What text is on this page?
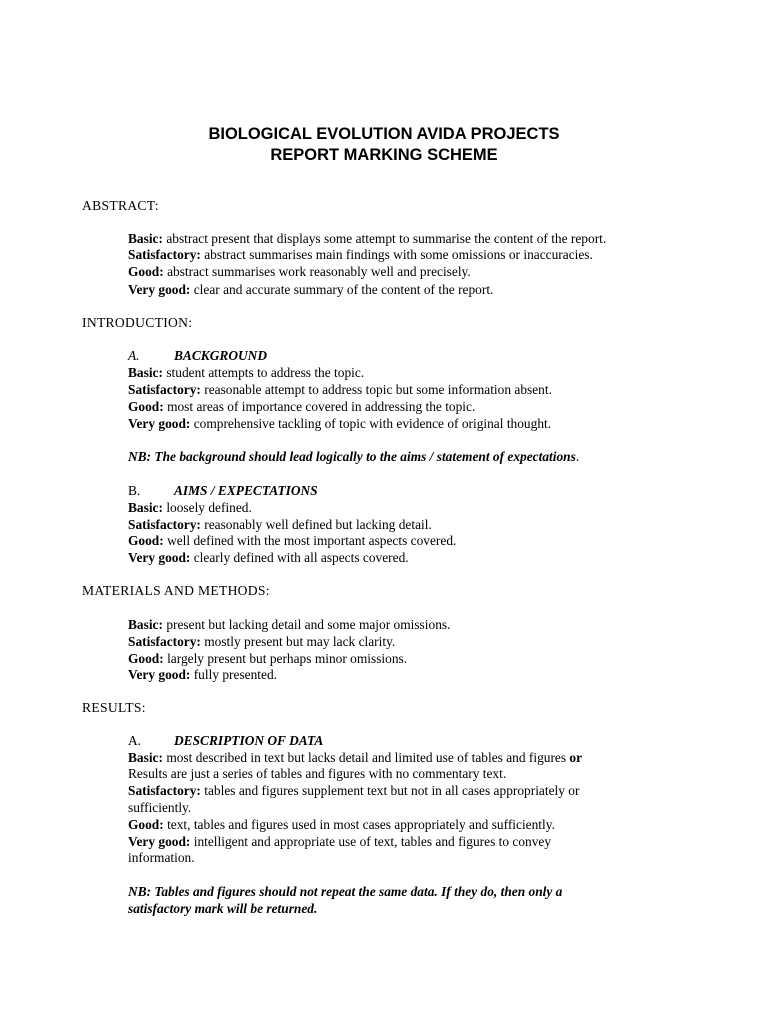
BIOLOGICAL EVOLUTION AVIDA PROJECTS
REPORT MARKING SCHEME
ABSTRACT:
Basic: abstract present that displays some attempt to summarise the content of the report.
Satisfactory: abstract summarises main findings with some omissions or inaccuracies.
Good: abstract summarises work reasonably well and precisely.
Very good: clear and accurate summary of the content of the report.
INTRODUCTION:
A.	BACKGROUND
Basic: student attempts to address the topic.
Satisfactory: reasonable attempt to address topic but some information absent.
Good: most areas of importance covered in addressing the topic.
Very good: comprehensive tackling of topic with evidence of original thought.
NB: The background should lead logically to the aims / statement of expectations.
B.	AIMS / EXPECTATIONS
Basic: loosely defined.
Satisfactory: reasonably well defined but lacking detail.
Good: well defined with the most important aspects covered.
Very good: clearly defined with all aspects covered.
MATERIALS AND METHODS:
Basic: present but lacking detail and some major omissions.
Satisfactory: mostly present but may lack clarity.
Good: largely present but perhaps minor omissions.
Very good: fully presented.
RESULTS:
A. DESCRIPTION OF DATA
Basic: most described in text but lacks detail and limited use of tables and figures or
Results are just a series of tables and figures with no commentary text.
Satisfactory: tables and figures supplement text but not in all cases appropriately or
sufficiently.
Good: text, tables and figures used in most cases appropriately and sufficiently.
Very good: intelligent and appropriate use of text, tables and figures to convey
information.
NB: Tables and figures should not repeat the same data. If they do, then only a
satisfactory mark will be returned.
